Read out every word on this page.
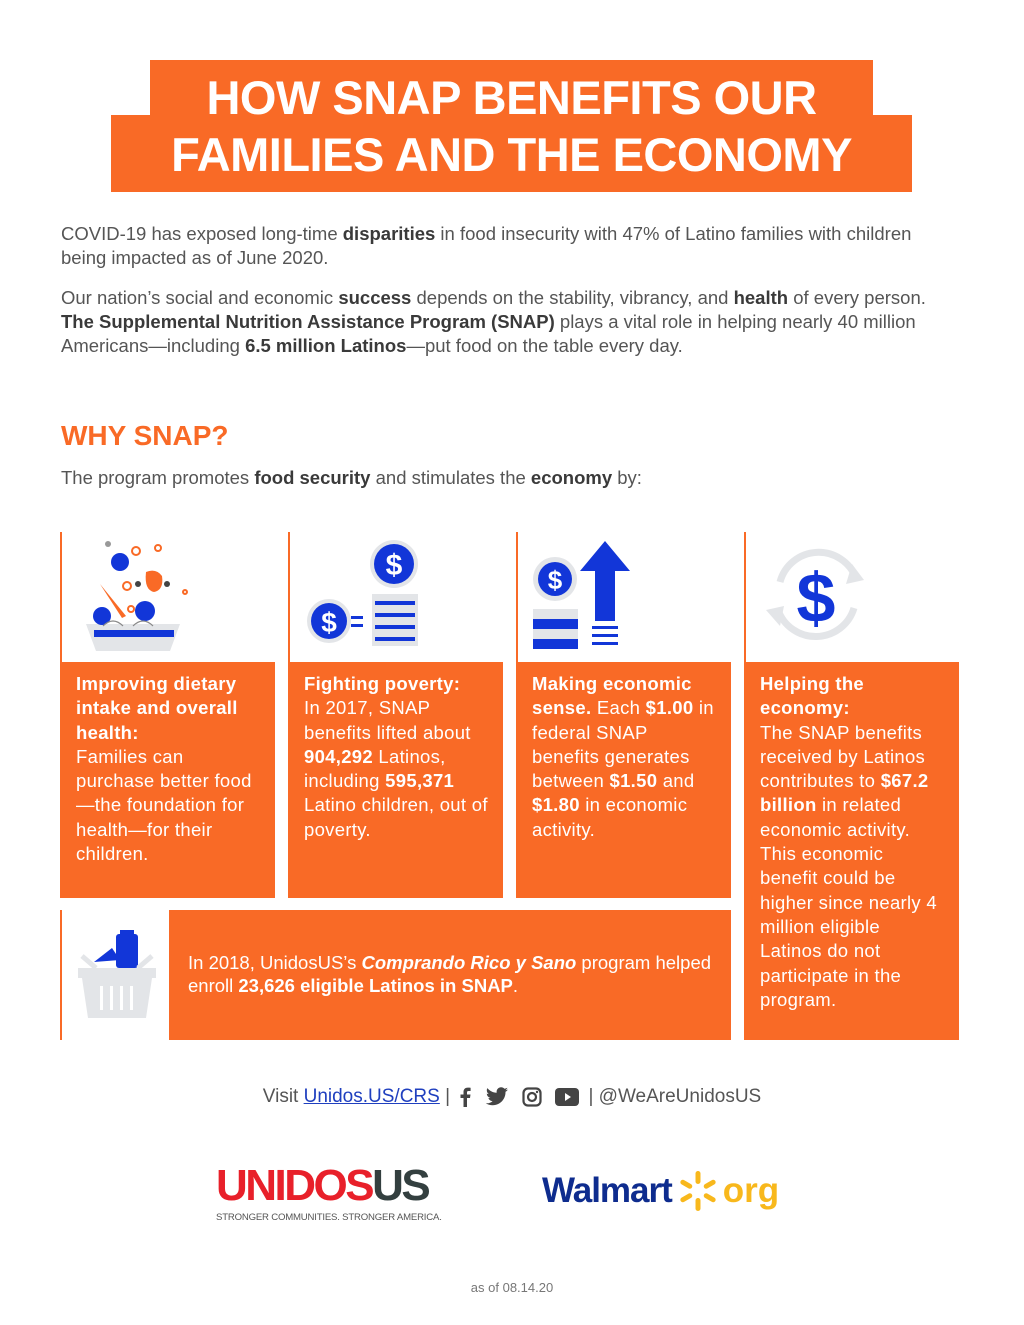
HOW SNAP BENEFITS OUR
FAMILIES AND THE ECONOMY
COVID-19 has exposed long-time disparities in food insecurity with 47% of Latino families with children being impacted as of June 2020.
Our nation’s social and economic success depends on the stability, vibrancy, and health of every person. The Supplemental Nutrition Assistance Program (SNAP) plays a vital role in helping nearly 40 million Americans—including 6.5 million Latinos—put food on the table every day.
WHY SNAP?
The program promotes food security and stimulates the economy by:
$
$
$	$
Improving dietary intake and overall health:
Families can purchase better food—the foundation for health—for their children.
Fighting poverty:
In 2017, SNAP benefits lifted about 904,292 Latinos, including 595,371 Latino children, out of poverty.
Making economic sense. Each $1.00 in federal SNAP benefits generates between $1.50 and $1.80 in economic activity.
Helping the economy:
The SNAP benefits received by Latinos contributes to $67.2 billion in related economic activity. This economic benefit could be higher since nearly 4 million eligible Latinos do not participate in the program.
In 2018, UnidosUS’s Comprando Rico y Sano program helped enroll 23,626 eligible Latinos in SNAP.
Visit Unidos.US/CRS |	| @WeAreUnidosUS
UNIDOSUS
STRONGER COMMUNITIES. STRONGER AMERICA.
Walmart org
as of 08.14.20
